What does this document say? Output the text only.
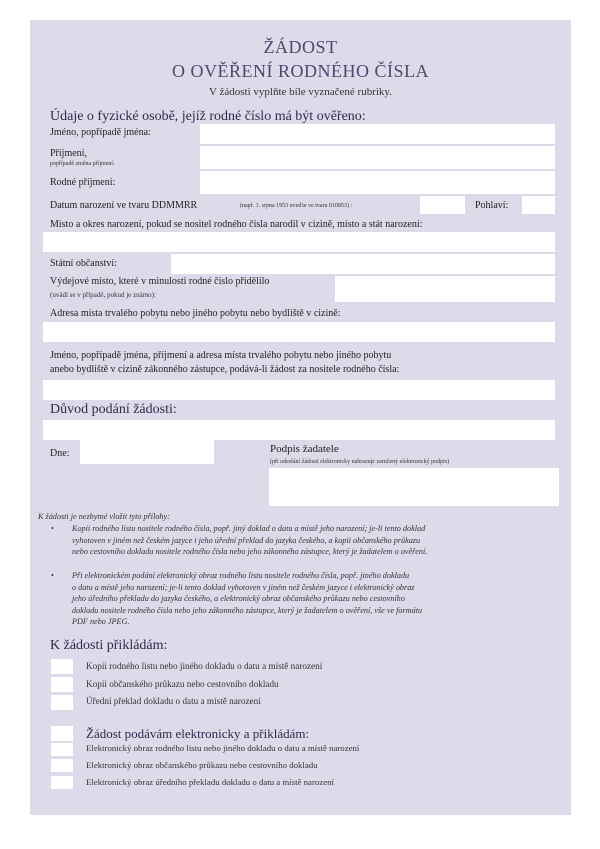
ŽÁDOST
O OVĚŘENÍ RODNÉHO ČÍSLA
V žádosti vyplňte bíle vyznačené rubriky.
Údaje o fyzické osobě, jejíž rodné číslo má být ověřeno:
Jméno, popřípadě jména:
Příjmení,
popřípadě změna příjmení:
Rodné příjmení:
Datum narození ve tvaru DDMMRR	(např. 1. srpna 1953 uveďte ve tvaru 010853) :	Pohlaví:
Místo a okres narození, pokud se nositel rodného čísla narodil v cizině, místo a stát narození:
Státní občanství:
Výdejové místo, které v minulosti rodné číslo přidělilo
(uvádí se v případě, pokud je známo):
Adresa místa trvalého pobytu nebo jiného pobytu nebo bydliště v cizině:
Jméno, popřípadě jména, příjmení a adresa místa trvalého pobytu nebo jiného pobytu
anebo bydliště v cizině zákonného zástupce, podává-li žádost za nositele rodného čísla:
Důvod podání žádosti:
Dne:	Podpis žadatele
(při odeslání žádosti elektronicky nahrazuje zaručený elektronický podpis)
K žádosti je nezbytné vložit tyto přílohy:
• Kopii rodného listu nositele rodného čísla, popř. jiný doklad o datu a místě jeho narození; je-li tento doklad
vyhotoven v jiném než českém jazyce i jeho úřední překlad do jazyka českého, a kopii občanského průkazu
nebo cestovního dokladu nositele rodného čísla nebo jeho zákonného zástupce, který je žadatelem o ověření.
• Při elektronickém podání elektronický obraz rodného listu nositele rodného čísla, popř. jiného dokladu
o datu a místě jeho narození; je-li tento doklad vyhotoven v jiném než českém jazyce i elektronický obraz
jeho úředního překladu do jazyka českého, a elektronický obraz občanského průkazu nebo cestovního
dokladu nositele rodného čísla nebo jeho zákonného zástupce, který je žadatelem o ověření, vše ve formátu
PDF nebo JPEG.
K žádosti přikládám:
Kopii rodného listu nebo jiného dokladu o datu a místě narození
Kopii občanského průkazu nebo cestovního dokladu
Úřední překlad dokladu o datu a místě narození
Žádost podávám elektronicky a přikládám:
Elektronický obraz rodného listu nebo jiného dokladu o datu a místě narození
Elektronický obraz občanského průkazu nebo cestovního dokladu
Elektronický obraz úředního překladu dokladu o datu a místě narození
